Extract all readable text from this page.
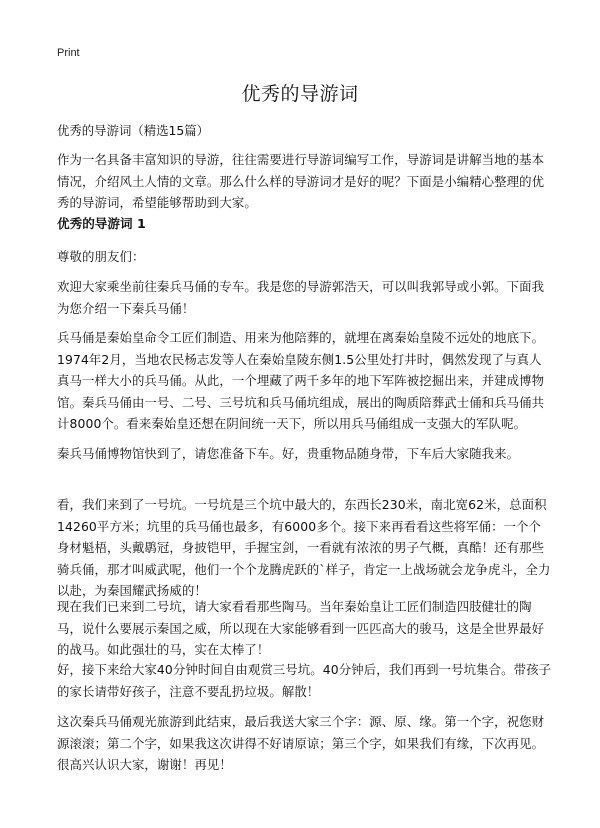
Print
优秀的导游词
优秀的导游词（精选15篇）

作为一名具备丰富知识的导游，往往需要进行导游词编写工作，导游词是讲解当地的基本情况，介绍风土人情的文章。那么什么样的导游词才是好的呢？下面是小编精心整理的优秀的导游词，希望能够帮助到大家。

优秀的导游词 1

尊敬的朋友们：

欢迎大家乘坐前往秦兵马俑的专车。我是您的导游郭浩天，可以叫我郭导或小郭。下面我为您介绍一下秦兵马俑！

兵马俑是秦始皇命令工匠们制造、用来为他陪葬的，就埋在离秦始皇陵不远处的地底下。1974年2月，当地农民杨志发等人在秦始皇陵东侧1.5公里处打井时，偶然发现了与真人真马一样大小的兵马俑。从此，一个埋藏了两千多年的地下军阵被挖掘出来，并建成博物馆。秦兵马俑由一号、二号、三号坑和兵马俑坑组成，展出的陶质陪葬武士俑和兵马俑共计8000个。看来秦始皇还想在阴间统一天下，所以用兵马俑组成一支强大的军队呢。

秦兵马俑博物馆快到了，请您准备下车。好，贵重物品随身带，下车后大家随我来。

看，我们来到了一号坑。一号坑是三个坑中最大的，东西长230米，南北宽62米，总面积14260平方米；坑里的兵马俑也最多，有6000多个。接下来再看看这些将军俑：一个个身材魁梧，头戴鹖冠，身披铠甲，手握宝剑，一看就有浓浓的男子气概，真酷！还有那些骑兵俑，那才叫威武呢，他们一个个龙腾虎跃的`样子，肯定一上战场就会龙争虎斗，全力以赴，为秦国耀武扬威的！

现在我们已来到二号坑，请大家看看那些陶马。当年秦始皇让工匠们制造四肢健壮的陶马，说什么要展示秦国之威，所以现在大家能够看到一匹匹高大的骏马，这是全世界最好的战马。如此强壮的马，实在太棒了！

好，接下来给大家40分钟时间自由观赏三号坑。40分钟后，我们再到一号坑集合。带孩子的家长请带好孩子，注意不要乱扔垃圾。解散！

这次秦兵马俑观光旅游到此结束，最后我送大家三个字：源、原、缘。第一个字，祝您财源滚滚；第二个字，如果我这次讲得不好请原谅；第三个字，如果我们有缘，下次再见。很高兴认识大家，谢谢！再见！
